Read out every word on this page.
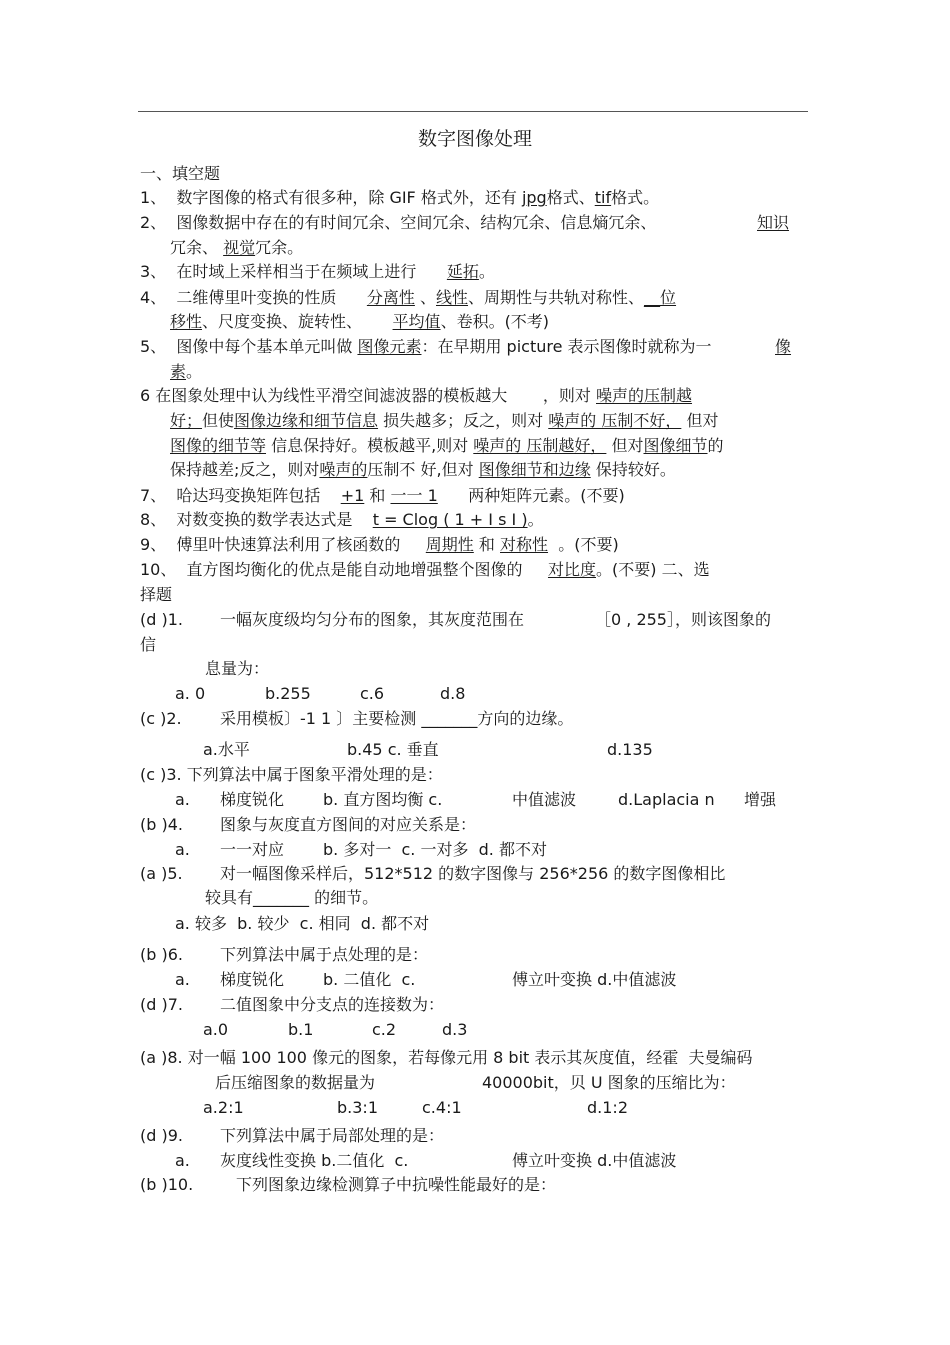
数字图像处理
一、填空题
1、  数字图像的格式有很多种，除 GIF 格式外，还有 jpg格式、tif格式。
2、  图像数据中存在的有时间冗余、空间冗余、结构冗余、信息熵冗余、	知识
冗余、 视觉冗余。
3、  在时域上采样相当于在频域上进行 延拓。
4、  二维傅里叶变换的性质 分离性 、线性、周期性与共轨对称性、__位
移性、尺度变换、旋转性、 平均值、卷积。(不考)
5、  图像中每个基本单元叫做 图像元素：在早期用 picture 表示图像时就称为一	像
素。
6 在图象处理中认为线性平滑空间滤波器的模板越大 ，则对 噪声的压制越
好；但使图像边缘和细节信息 损失越多；反之，则对 噪声的 压制不好， 但对
图像的细节等 信息保持好。模板越平,则对 噪声的 压制越好， 但对图像细节的
保持越差;反之，则对噪声的压制不 好,但对 图像细节和边缘 保持较好。
7、  哈达玛变换矩阵包括 +1 和 一一 1 两种矩阵元素。(不要)
8、  对数变换的数学表达式是 t = Clog ( 1 + I s I )。
9、  傅里叶快速算法利用了核函数的 周期性 和 对称性 。(不要)
10、  直方图均衡化的优点是能自动地增强整个图像的 对比度。(不要) 二、选
择题
(d )1. 一幅灰度级均匀分布的图象，其灰度范围在	［0 , 255］，则该图象的
信
息量为：
a. 0	b.255	c.6	d.8
(c )2. 采用模板〕-1 1 〕主要检测 _______方向的边缘。
a.水平	b.45 c. 垂直	d.135
(c )3. 下列算法中属于图象平滑处理的是：
a. 梯度锐化 b. 直方图均衡 c.	中值滤波	d.Laplacia n 增强
(b )4. 图象与灰度直方图间的对应关系是：
a. 一一对应 b. 多对一  c. 一对多  d. 都不对
(a )5. 对一幅图像采样后，512*512 的数字图像与 256*256 的数字图像相比
较具有_______ 的细节。
a. 较多  b. 较少  c. 相同  d. 都不对
(b )6. 下列算法中属于点处理的是：
a. 梯度锐化 b. 二值化  c.	傅立叶变换 d.中值滤波
(d )7. 二值图象中分支点的连接数为：
a.0	b.1	c.2	d.3
(a )8. 对一幅 100 100 像元的图象，若每像元用 8 bit 表示其灰度值，经霍  夫曼编码
后压缩图象的数据量为	40000bit，贝 U 图象的压缩比为：
a.2:1	b.3:1	c.4:1	d.1:2
(d )9. 下列算法中属于局部处理的是：
a. 灰度线性变换 b.二值化  c.	傅立叶变换 d.中值滤波
(b )10.	下列图象边缘检测算子中抗噪性能最好的是：
